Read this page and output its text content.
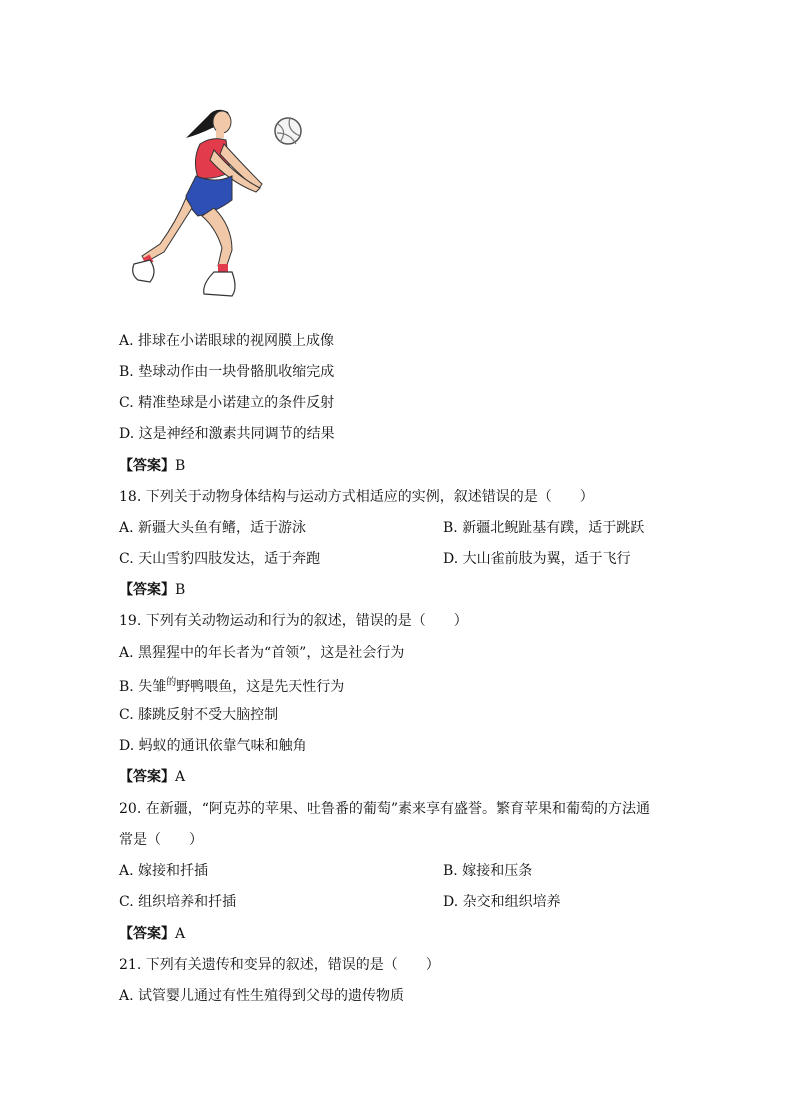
A. 排球在小诺眼球的视网膜上成像
B. 垫球动作由一块骨骼肌收缩完成
C. 精准垫球是小诺建立的条件反射
D. 这是神经和激素共同调节的结果
【答案】B
18. 下列关于动物身体结构与运动方式相适应的实例，叙述错误的是（　　）
A. 新疆大头鱼有鳍，适于游泳	B. 新疆北鲵趾基有蹼，适于跳跃
C. 天山雪豹四肢发达，适于奔跑	D. 大山雀前肢为翼，适于飞行
【答案】B
19. 下列有关动物运动和行为的叙述，错误的是（　　）
A. 黑猩猩中的年长者为“首领”，这是社会行为
B. 失雏$^的$野鸭喂鱼，这是先天性行为
C. 膝跳反射不受大脑控制
D. 蚂蚁的通讯依靠气味和触角
【答案】A
20. 在新疆，“阿克苏的苹果、吐鲁番的葡萄”素来享有盛誉。繁育苹果和葡萄的方法通
常是（　　）
A. 嫁接和扦插	B. 嫁接和压条
C. 组织培养和扦插	D. 杂交和组织培养
【答案】A
21. 下列有关遗传和变异的叙述，错误的是（　　）
A. 试管婴儿通过有性生殖得到父母的遗传物质
